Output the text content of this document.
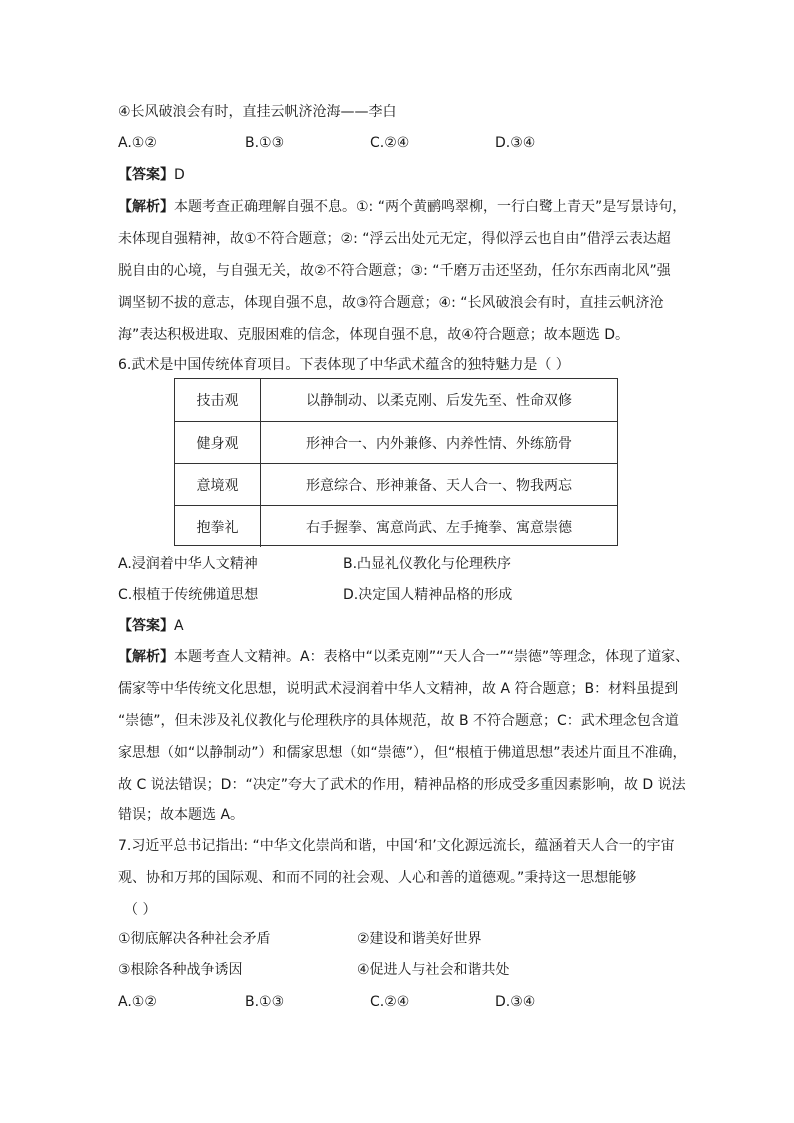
④长风破浪会有时，直挂云帆济沧海——李白
A.①②	B.①③	C.②④	D.③④
【答案】D
【解析】本题考查正确理解自强不息。①: “两个黄鹂鸣翠柳，一行白鹭上青天”是写景诗句，
未体现自强精神，故①不符合题意；②: “浮云出处元无定，得似浮云也自由”借浮云表达超
脱自由的心境，与自强无关，故②不符合题意；③: “千磨万击还坚劲，任尔东西南北风”强
调坚韧不拔的意志，体现自强不息，故③符合题意；④: “长风破浪会有时，直挂云帆济沧
海”表达积极进取、克服困难的信念，体现自强不息，故④符合题意；故本题选 D。
6.武术是中国传统体育项目。下表体现了中华武术蕴含的独特魅力是（ ）
技击观	以静制动、以柔克刚、后发先至、性命双修
健身观	形神合一、内外兼修、内养性情、外练筋骨
意境观	形意综合、形神兼备、天人合一、物我两忘
抱拳礼	右手握拳、寓意尚武、左手掩拳、寓意崇德
A.浸润着中华人文精神	B.凸显礼仪教化与伦理秩序
C.根植于传统佛道思想	D.决定国人精神品格的形成
【答案】A
【解析】本题考查人文精神。A：表格中“以柔克刚”“天人合一”“崇德”等理念，体现了道家、
儒家等中华传统文化思想，说明武术浸润着中华人文精神，故 A 符合题意；B：材料虽提到
“崇德”，但未涉及礼仪教化与伦理秩序的具体规范，故 B 不符合题意；C：武术理念包含道
家思想（如“以静制动”）和儒家思想（如“崇德”），但“根植于佛道思想”表述片面且不准确，
故 C 说法错误；D：“决定”夸大了武术的作用，精神品格的形成受多重因素影响，故 D 说法
错误；故本题选 A。
7.习近平总书记指出: “中华文化崇尚和谐，中国‘和’文化源远流长，蕴涵着天人合一的宇宙
观、协和万邦的国际观、和而不同的社会观、人心和善的道德观。”秉持这一思想能够
（ ）
①彻底解决各种社会矛盾	②建设和谐美好世界
③根除各种战争诱因	④促进人与社会和谐共处
A.①②	B.①③	C.②④	D.③④
